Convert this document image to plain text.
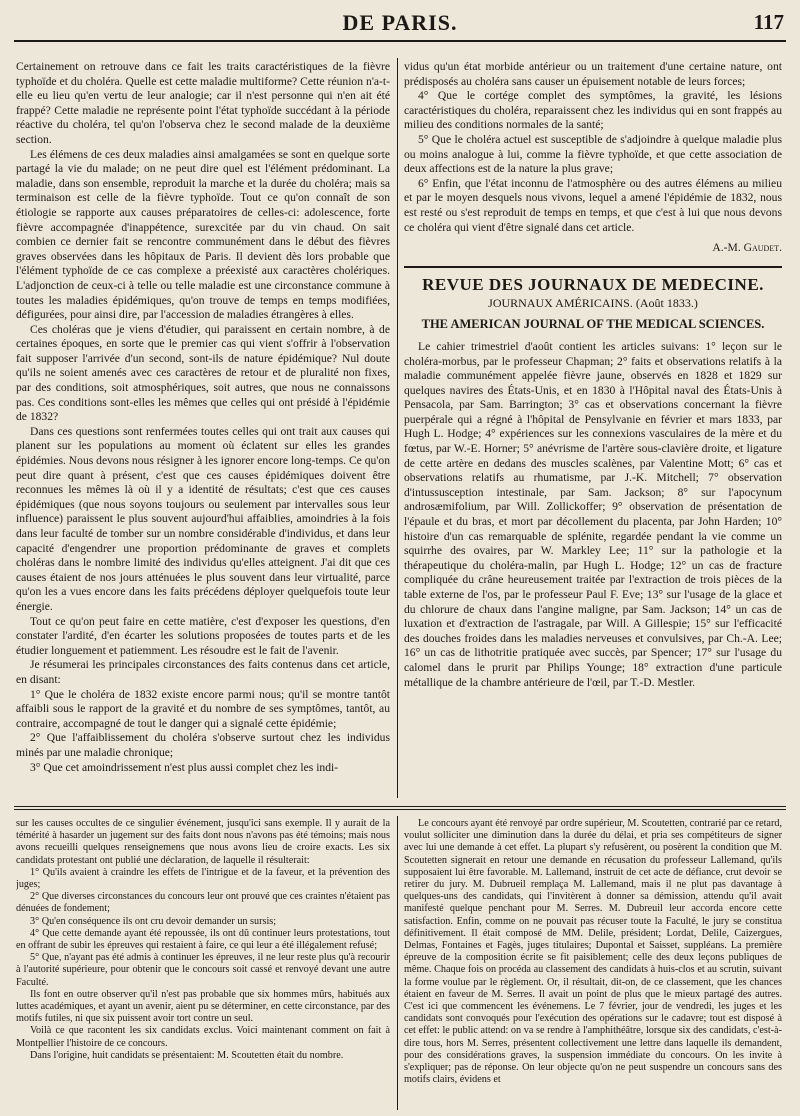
DE PARIS.	117

Certainement on retrouve dans ce fait les traits caractéristiques de la fièvre typhoïde et du choléra. Quelle est cette maladie multiforme? Cette réunion n'a-t-elle eu lieu qu'en vertu de leur analogie; car il n'est personne qui n'en ait été frappé? Cette maladie ne représente point l'état typhoïde succédant à la période réactive du choléra, tel qu'on l'observa chez le second malade de la deuxième section.

Les élémens de ces deux maladies ainsi amalgamées se sont en quelque sorte partagé la vie du malade; on ne peut dire quel est l'élément prédominant. La maladie, dans son ensemble, reproduit la marche et la durée du choléra; mais sa terminaison est celle de la fièvre typhoïde. Tout ce qu'on connaît de son étiologie se rapporte aux causes préparatoires de celles-ci: adolescence, forte fièvre accompagnée d'inappétence, surexcitée par du vin chaud. On sait combien ce dernier fait se rencontre communément dans le début des fièvres graves observées dans les hôpitaux de Paris. Il devient dès lors probable que l'élément typhoïde de ce cas complexe a préexisté aux caractères cholériques. L'adjonction de ceux-ci à telle ou telle maladie est une circonstance commune à toutes les maladies épidémiques, qu'on trouve de temps en temps modifiées, défigurées, pour ainsi dire, par l'accession de maladies étrangères à elles.

Ces choléras que je viens d'étudier, qui paraissent en certain nombre, à de certaines époques, en sorte que le premier cas qui vient s'offrir à l'observation fait supposer l'arrivée d'un second, sont-ils de nature épidémique? Nul doute qu'ils ne soient amenés avec ces caractères de retour et de pluralité non fixes, par des conditions, soit atmosphériques, soit autres, que nous ne connaissons pas. Ces conditions sont-elles les mêmes que celles qui ont présidé à l'épidémie de 1832?

Dans ces questions sont renfermées toutes celles qui ont trait aux causes qui planent sur les populations au moment où éclatent sur elles les grandes épidémies. Nous devons nous résigner à les ignorer encore long-temps. Ce qu'on peut dire quant à présent, c'est que ces causes épidémiques doivent être reconnues les mêmes là où il y a identité de résultats; c'est que ces causes épidémiques (que nous soyons toujours ou seulement par intervalles sous leur influence) paraissent le plus souvent aujourd'hui affaiblies, amoindries à la fois dans leur faculté de tomber sur un nombre considérable d'individus, et dans leur capacité d'engendrer une proportion prédominante de graves et complets choléras dans le nombre limité des individus qu'elles atteignent. J'ai dit que ces causes étaient de nos jours atténuées le plus souvent dans leur virtualité, parce qu'on les a vues encore dans les faits précédens déployer quelquefois toute leur énergie.

Tout ce qu'on peut faire en cette matière, c'est d'exposer les questions, d'en constater l'ardité, d'en écarter les solutions proposées de toutes parts et de les étudier longuement et patiemment. Les résoudre est le fait de l'avenir.

Je résumerai les principales circonstances des faits contenus dans cet article, en disant:

1° Que le choléra de 1832 existe encore parmi nous; qu'il se montre tantôt affaibli sous le rapport de la gravité et du nombre de ses symptômes, tantôt, au contraire, accompagné de tout le danger qui a signalé cette épidémie;

2° Que l'affaiblissement du choléra s'observe surtout chez les individus minés par une maladie chronique;

3° Que cet amoindrissement n'est plus aussi complet chez les indi-

vidus qu'un état morbide antérieur ou un traitement d'une certaine nature, ont prédisposés au choléra sans causer un épuisement notable de leurs forces;

4° Que le cortége complet des symptômes, la gravité, les lésions caractéristiques du choléra, reparaissent chez les individus qui en sont frappés au milieu des conditions normales de la santé;

5° Que le choléra actuel est susceptible de s'adjoindre à quelque maladie plus ou moins analogue à lui, comme la fièvre typhoïde, et que cette association de deux affections est de la nature la plus grave;

6° Enfin, que l'état inconnu de l'atmosphère ou des autres élémens au milieu et par le moyen desquels nous vivons, lequel a amené l'épidémie de 1832, nous est resté ou s'est reproduit de temps en temps, et que c'est à lui que nous devons ce choléra qui vient d'être signalé dans cet article.

A.-M. Gaudet.
REVUE DES JOURNAUX DE MEDECINE.
JOURNAUX AMÉRICAINS. (Août 1833.)
THE AMERICAN JOURNAL OF THE MEDICAL SCIENCES.

Le cahier trimestriel d'août contient les articles suivans: 1° leçon sur le choléra-morbus, par le professeur Chapman; 2° faits et observations relatifs à la maladie communément appelée fièvre jaune, observés en 1828 et 1829 sur quelques navires des États-Unis, et en 1830 à l'Hôpital naval des États-Unis à Pensacola, par Sam. Barrington; 3° cas et observations concernant la fièvre puerpérale qui a régné à l'hôpital de Pensylvanie en février et mars 1833, par Hugh L. Hodge; 4° expériences sur les connexions vasculaires de la mère et du fœtus, par W.-E. Horner; 5° anévrisme de l'artère sous-clavière droite, et ligature de cette artère en dedans des muscles scalènes, par Valentine Mott; 6° cas et observations relatifs au rhumatisme, par J.-K. Mitchell; 7° observation d'intussusception intestinale, par Sam. Jackson; 8° sur l'apocynum androsæmifolium, par Will. Zollickoffer; 9° observation de présentation de l'épaule et du bras, et mort par décollement du placenta, par John Harden; 10° histoire d'un cas remarquable de splénite, regardée pendant la vie comme un squirrhe des ovaires, par W. Markley Lee; 11° sur la pathologie et la thérapeutique du choléra-malin, par Hugh L. Hodge; 12° un cas de fracture compliquée du crâne heureusement traitée par l'extraction de trois pièces de la table externe de l'os, par le professeur Paul F. Eve; 13° sur l'usage de la glace et du chlorure de chaux dans l'angine maligne, par Sam. Jackson; 14° un cas de luxation et d'extraction de l'astragale, par Will. A Gillespie; 15° sur l'efficacité des douches froides dans les maladies nerveuses et convulsives, par Ch.-A. Lee; 16° un cas de lithotritie pratiquée avec succès, par Spencer; 17° sur l'usage du calomel dans le prurit par Philips Younge; 18° extraction d'une particule métallique de la chambre antérieure de l'œil, par T.-D. Mestler.

sur les causes occultes de ce singulier événement, jusqu'ici sans exemple. Il y aurait de la témérité à hasarder un jugement sur des faits dont nous n'avons pas été témoins; mais nous avons recueilli quelques renseignemens que nous avons lieu de croire exacts. Les six candidats protestant ont publié une déclaration, de laquelle il résulterait:

1° Qu'ils avaient à craindre les effets de l'intrigue et de la faveur, et la prévention des juges;

2° Que diverses circonstances du concours leur ont prouvé que ces craintes n'étaient pas dénuées de fondement;

3° Qu'en conséquence ils ont cru devoir demander un sursis;

4° Que cette demande ayant été repoussée, ils ont dû continuer leurs protestations, tout en offrant de subir les épreuves qui restaient à faire, ce qui leur a été illégalement refusé;

5° Que, n'ayant pas été admis à continuer les épreuves, il ne leur reste plus qu'à recourir à l'autorité supérieure, pour obtenir que le concours soit cassé et renvoyé devant une autre Faculté.

Ils font en outre observer qu'il n'est pas probable que six hommes mûrs, habitués aux luttes académiques, et ayant un avenir, aient pu se déterminer, en cette circonstance, par des motifs futiles, ni que six puissent avoir tort contre un seul.

Voilà ce que racontent les six candidats exclus. Voici maintenant comment on fait à Montpellier l'histoire de ce concours.

Dans l'origine, huit candidats se présentaient: M. Scoutetten était du nombre.

Le concours ayant été renvoyé par ordre supérieur, M. Scoutetten, contrarié par ce retard, voulut solliciter une diminution dans la durée du délai, et pria ses compétiteurs de signer avec lui une demande à cet effet. La plupart s'y refusèrent, ou posèrent la condition que M. Scoutetten signerait en retour une demande en récusation du professeur Lallemand, qu'ils supposaient lui être favorable. M. Lallemand, instruit de cet acte de défiance, crut devoir se retirer du jury. M. Dubrueil remplaça M. Lallemand, mais il ne plut pas davantage à quelques-uns des candidats, qui l'invitèrent à donner sa démission, attendu qu'il avait manifesté quelque penchant pour M. Serres. M. Dubreuil leur accorda encore cette satisfaction. Enfin, comme on ne pouvait pas récuser toute la Faculté, le jury se constitua définitivement. Il était composé de MM. Delile, président; Lordat, Delile, Caizergues, Delmas, Fontaines et Fagès, juges titulaires; Dupontal et Saisset, suppléans. La première épreuve de la composition écrite se fit paisiblement; celle des deux leçons publiques de même. Chaque fois on procéda au classement des candidats à huis-clos et au scrutin, suivant la forme voulue par le règlement. Or, il résultait, dit-on, de ce classement, que les chances étaient en faveur de M. Serres. Il avait un point de plus que le mieux partagé des autres. C'est ici que commencent les événemens. Le 7 février, jour de vendredi, les juges et les candidats sont convoqués pour l'exécution des opérations sur le cadavre; tout est disposé à cet effet: le public attend: on va se rendre à l'amphithéâtre, lorsque six des candidats, c'est-à-dire tous, hors M. Serres, présentent collectivement une lettre dans laquelle ils demandent, pour des considérations graves, la suspension immédiate du concours. On les invite à s'expliquer; pas de réponse. On leur objecte qu'on ne peut suspendre un concours sans des motifs clairs, évidens et
